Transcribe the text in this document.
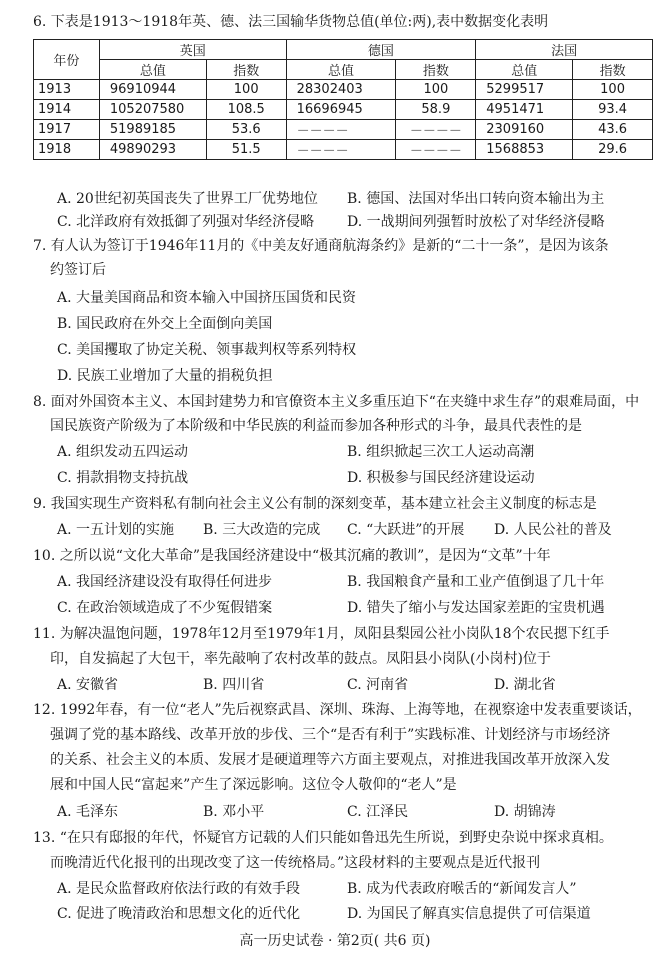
6. 下表是1913～1918年英、德、法三国输华货物总值(单位:两),表中数据变化表明
年份	英国		德国		法国	
	总值	指数	总值	指数	总值	指数
1913	96910944	100	28302403	100	5299517	100
1914	105207580	108.5	16696945	58.9	4951471	93.4
1917	51989185	53.6	－－－－	－－－－	2309160	43.6
1918	49890293	51.5	－－－－	－－－－	1568853	29.6
A. 20世纪初英国丧失了世界工厂优势地位 B. 德国、法国对华出口转向资本输出为主
C. 北洋政府有效抵御了列强对华经济侵略 D. 一战期间列强暂时放松了对华经济侵略
7. 有人认为签订于1946年11月的《中美友好通商航海条约》是新的“二十一条”，是因为该条
约签订后
A. 大量美国商品和资本输入中国挤压国货和民资
B. 国民政府在外交上全面倒向美国
C. 美国攫取了协定关税、领事裁判权等系列特权
D. 民族工业增加了大量的捐税负担
8. 面对外国资本主义、本国封建势力和官僚资本主义多重压迫下“在夹缝中求生存”的艰难局面，中
国民族资产阶级为了本阶级和中华民族的利益而参加各种形式的斗争，最具代表性的是
A. 组织发动五四运动	B. 组织掀起三次工人运动高潮
C. 捐款捐物支持抗战	D. 积极参与国民经济建设运动
9. 我国实现生产资料私有制向社会主义公有制的深刻变革，基本建立社会主义制度的标志是
A. 一五计划的实施 B. 三大改造的完成 C. “大跃进”的开展 D. 人民公社的普及
10. 之所以说“文化大革命”是我国经济建设中“极其沉痛的教训”，是因为“文革”十年
A. 我国经济建设没有取得任何进步	B. 我国粮食产量和工业产值倒退了几十年
C. 在政治领域造成了不少冤假错案	D. 错失了缩小与发达国家差距的宝贵机遇
11. 为解决温饱问题，1978年12月至1979年1月，凤阳县梨园公社小岗队18个农民摁下红手
印，自发搞起了大包干，率先敲响了农村改革的鼓点。凤阳县小岗队(小岗村)位于
A. 安徽省	B. 四川省	C. 河南省	D. 湖北省
12. 1992年春，有一位“老人”先后视察武昌、深圳、珠海、上海等地，在视察途中发表重要谈话，
强调了党的基本路线、改革开放的步伐、三个“是否有利于”实践标准、计划经济与市场经济
的关系、社会主义的本质、发展才是硬道理等六方面主要观点，对推进我国改革开放深入发
展和中国人民“富起来”产生了深远影响。这位令人敬仰的“老人”是
A. 毛泽东	B. 邓小平	C. 江泽民	D. 胡锦涛
13. “在只有邸报的年代，怀疑官方记载的人们只能如鲁迅先生所说，到野史杂说中探求真相。
而晚清近代化报刊的出现改变了这一传统格局。”这段材料的主要观点是近代报刊
A. 是民众监督政府依法行政的有效手段	B. 成为代表政府喉舌的“新闻发言人”
C. 促进了晚清政治和思想文化的近代化	D. 为国民了解真实信息提供了可信渠道
高一历史试卷 · 第2页( 共6 页)
